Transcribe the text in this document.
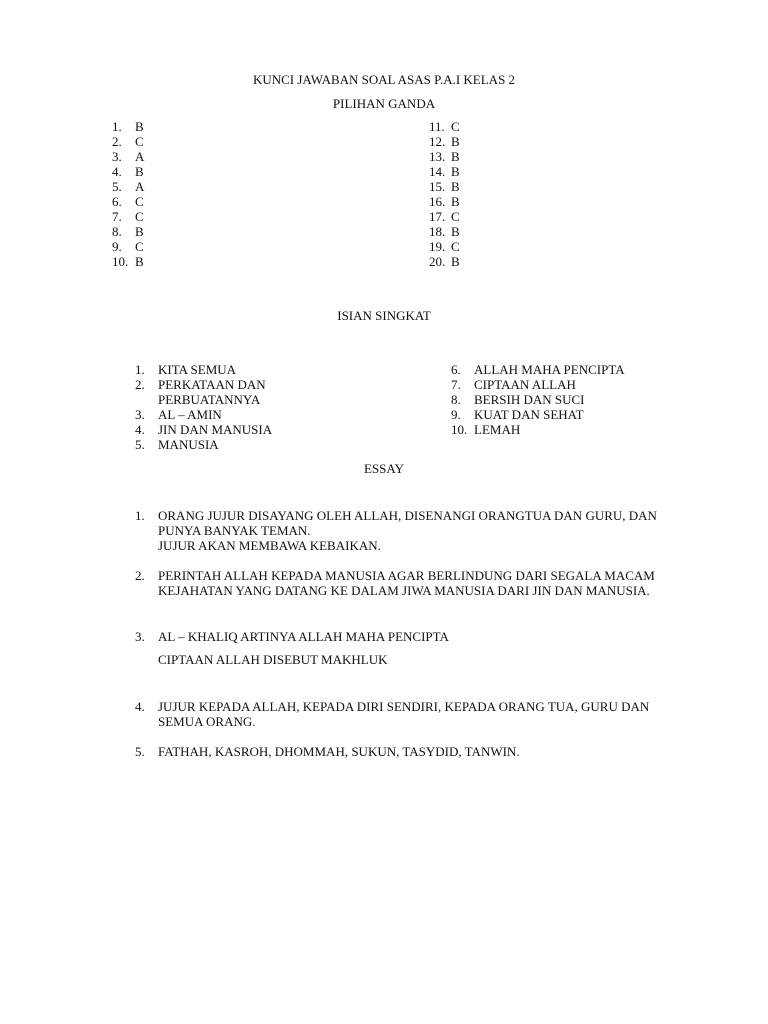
KUNCI JAWABAN SOAL ASAS P.A.I KELAS 2
PILIHAN GANDA
1. B
2. C
3. A
4. B
5. A
6. C
7. C
8. B
9. C
10. B
11. C
12. B
13. B
14. B
15. B
16. B
17. C
18. B
19. C
20. B
ISIAN SINGKAT
1.	KITA SEMUA
2.	PERKATAAN DAN PERBUATANNYA
3.	AL – AMIN
4.	JIN DAN MANUSIA
5.	MANUSIA
6.	ALLAH MAHA PENCIPTA
7.	CIPTAAN ALLAH
8.	BERSIH DAN SUCI
9.	KUAT DAN SEHAT
10. LEMAH
ESSAY
1.	ORANG JUJUR DISAYANG OLEH ALLAH, DISENANGI ORANGTUA DAN GURU, DAN PUNYA BANYAK TEMAN.
JUJUR AKAN MEMBAWA KEBAIKAN.
2.	PERINTAH ALLAH KEPADA MANUSIA AGAR BERLINDUNG DARI SEGALA MACAM KEJAHATAN YANG DATANG KE DALAM JIWA MANUSIA DARI JIN DAN MANUSIA.
3.	AL – KHALIQ ARTINYA ALLAH MAHA PENCIPTA
4.	JUJUR KEPADA ALLAH, KEPADA DIRI SENDIRI, KEPADA ORANG TUA, GURU DAN SEMUA ORANG.
5.	FATHAH, KASROH, DHOMMAH, SUKUN, TASYDID, TANWIN.
CIPTAAN ALLAH DISEBUT MAKHLUK
